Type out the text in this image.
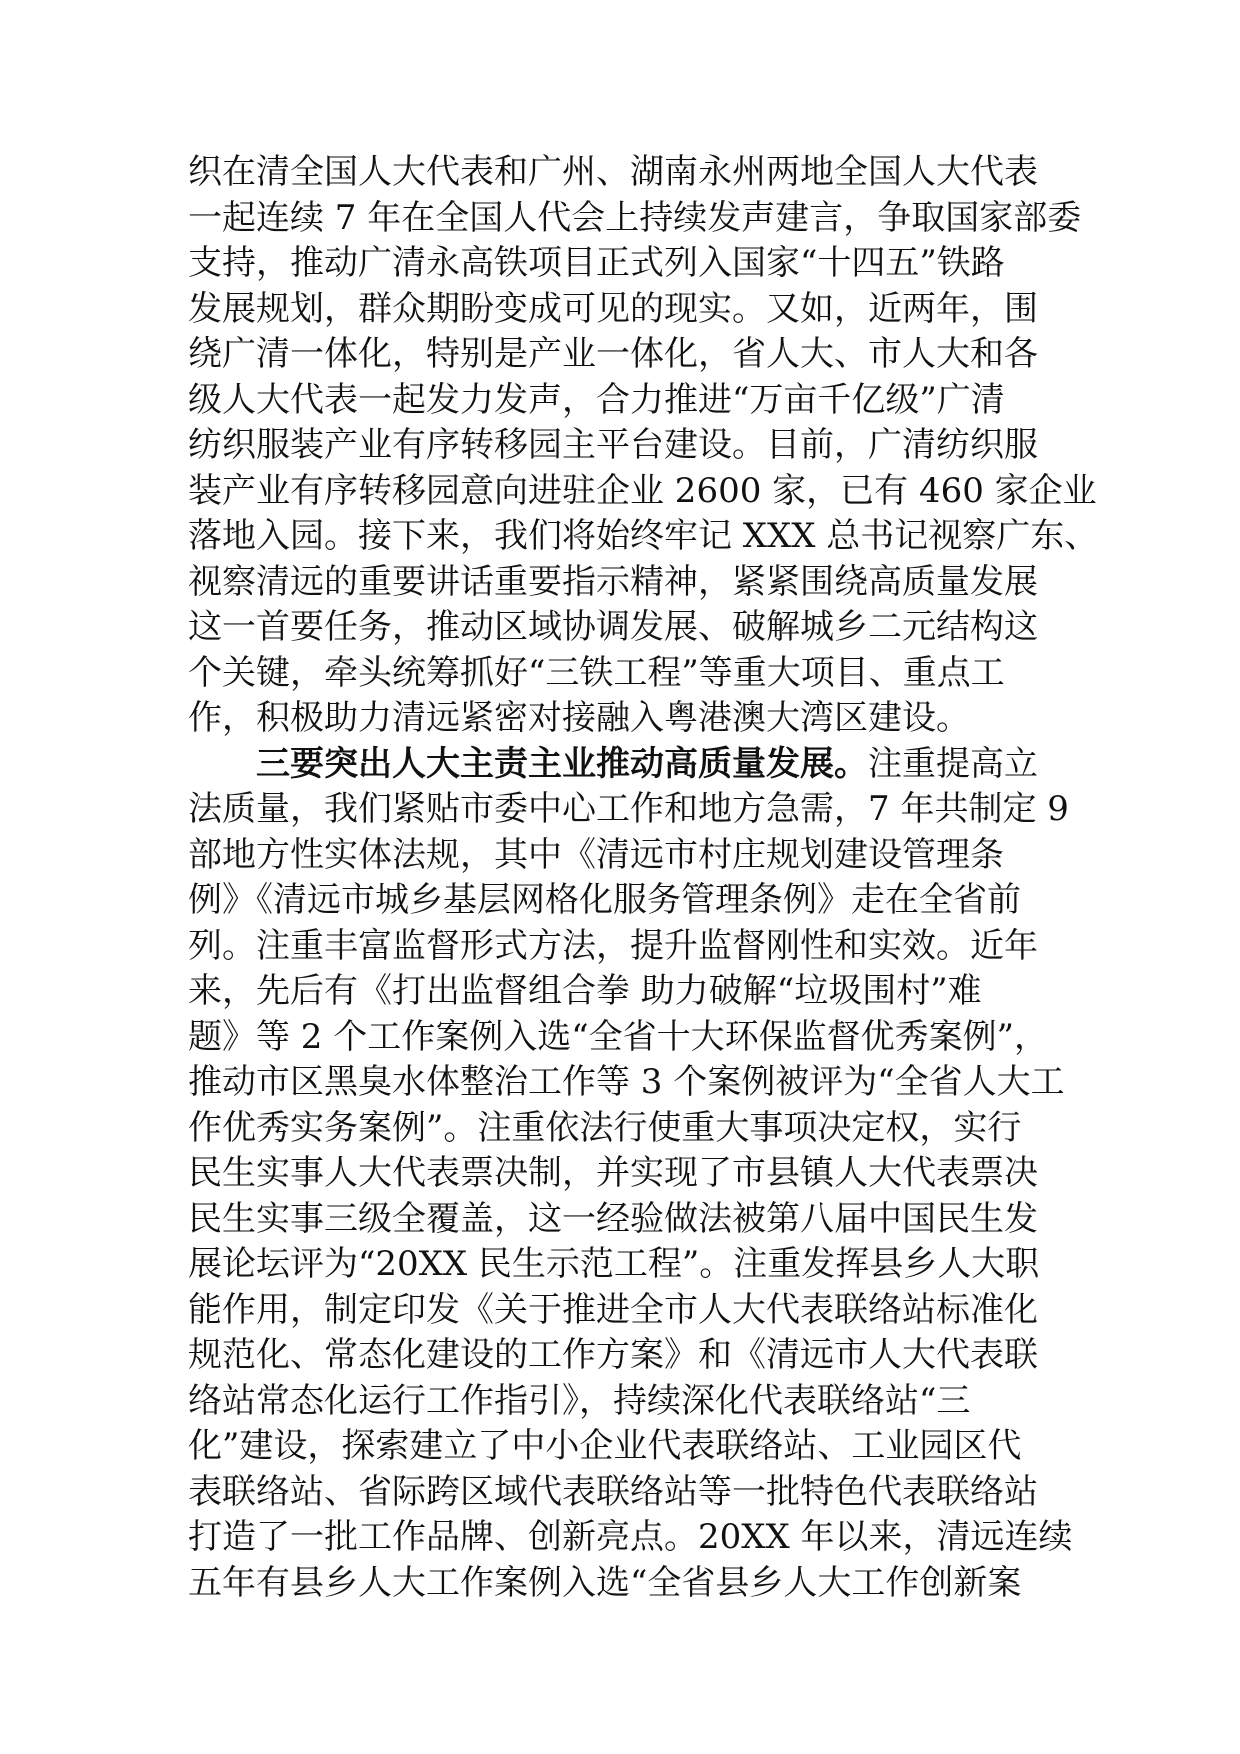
织在清全国人大代表和广州、湖南永州两地全国人大代表
一起连续 7 年在全国人代会上持续发声建言，争取国家部委
支持，推动广清永高铁项目正式列入国家“十四五”铁路
发展规划，群众期盼变成可见的现实。又如，近两年，围
绕广清一体化，特别是产业一体化，省人大、市人大和各
级人大代表一起发力发声，合力推进“万亩千亿级”广清
纺织服装产业有序转移园主平台建设。目前，广清纺织服
装产业有序转移园意向进驻企业 2600 家，已有 460 家企业
落地入园。接下来，我们将始终牢记 XXX 总书记视察广东、
视察清远的重要讲话重要指示精神，紧紧围绕高质量发展
这一首要任务，推动区域协调发展、破解城乡二元结构这
个关键，牵头统筹抓好“三铁工程”等重大项目、重点工
作，积极助力清远紧密对接融入粤港澳大湾区建设。
三要突出人大主责主业推动高质量发展。注重提高立
法质量，我们紧贴市委中心工作和地方急需，7 年共制定 9
部地方性实体法规，其中《清远市村庄规划建设管理条
例》《清远市城乡基层网格化服务管理条例》走在全省前
列。注重丰富监督形式方法，提升监督刚性和实效。近年
来，先后有《打出监督组合拳 助力破解“垃圾围村”难
题》等 2 个工作案例入选“全省十大环保监督优秀案例”，
推动市区黑臭水体整治工作等 3 个案例被评为“全省人大工
作优秀实务案例”。注重依法行使重大事项决定权，实行
民生实事人大代表票决制，并实现了市县镇人大代表票决
民生实事三级全覆盖，这一经验做法被第八届中国民生发
展论坛评为“20XX 民生示范工程”。注重发挥县乡人大职
能作用，制定印发《关于推进全市人大代表联络站标准化
规范化、常态化建设的工作方案》和《清远市人大代表联
络站常态化运行工作指引》，持续深化代表联络站“三
化”建设，探索建立了中小企业代表联络站、工业园区代
表联络站、省际跨区域代表联络站等一批特色代表联络站
打造了一批工作品牌、创新亮点。20XX 年以来，清远连续
五年有县乡人大工作案例入选“全省县乡人大工作创新案
